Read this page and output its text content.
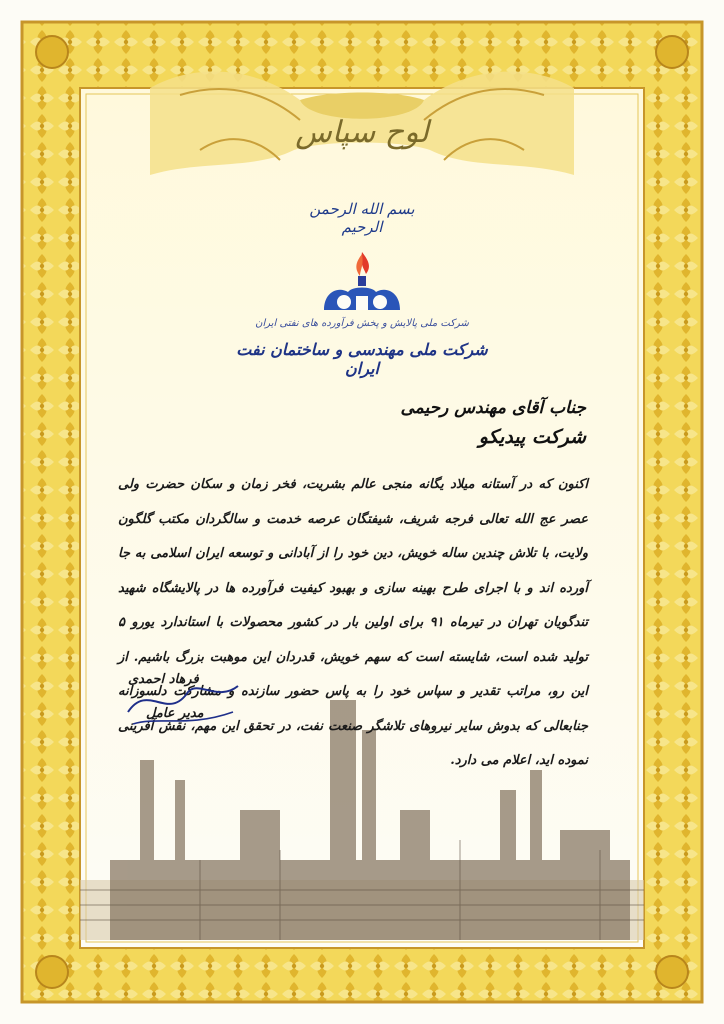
لوح سپاس
بسم الله الرحمن الرحیم
شرکت ملی پالایش و پخش فرآورده های نفتی ایران
شرکت ملی مهندسی و ساختمان نفت ایران
جناب آقای مهندس رحیمی
شرکت پیدیکو
اکنون که در آستانه میلاد یگانه منجی عالم بشریت، فخر زمان و سکان حضرت ولی عصر عج الله تعالی فرجه شریف، شیفتگان عرصه خدمت و سالگردان مکتب گلگون ولایت، با تلاش چندین ساله خویش، دین خود را از آبادانی و توسعه ایران اسلامی به جا آورده اند و با اجرای طرح بهینه سازی و بهبود کیفیت فرآورده ها در پالایشگاه شهید تندگویان تهران در تیرماه ۹۱ برای اولین بار در کشور محصولات با استاندارد یورو ۵ تولید شده است، شایسته است که سهم خویش، قدردان این موهبت بزرگ باشیم. از این رو، مراتب تقدیر و سپاس خود را به پاس حضور سازنده و مشارکت دلسوزانه جنابعالی که بدوش سایر نیروهای تلاشگر صنعت نفت، در تحقق این مهم، نقش آفرینی نموده اید، اعلام می دارد.
فرهاد احمدی
مدیر عامل
